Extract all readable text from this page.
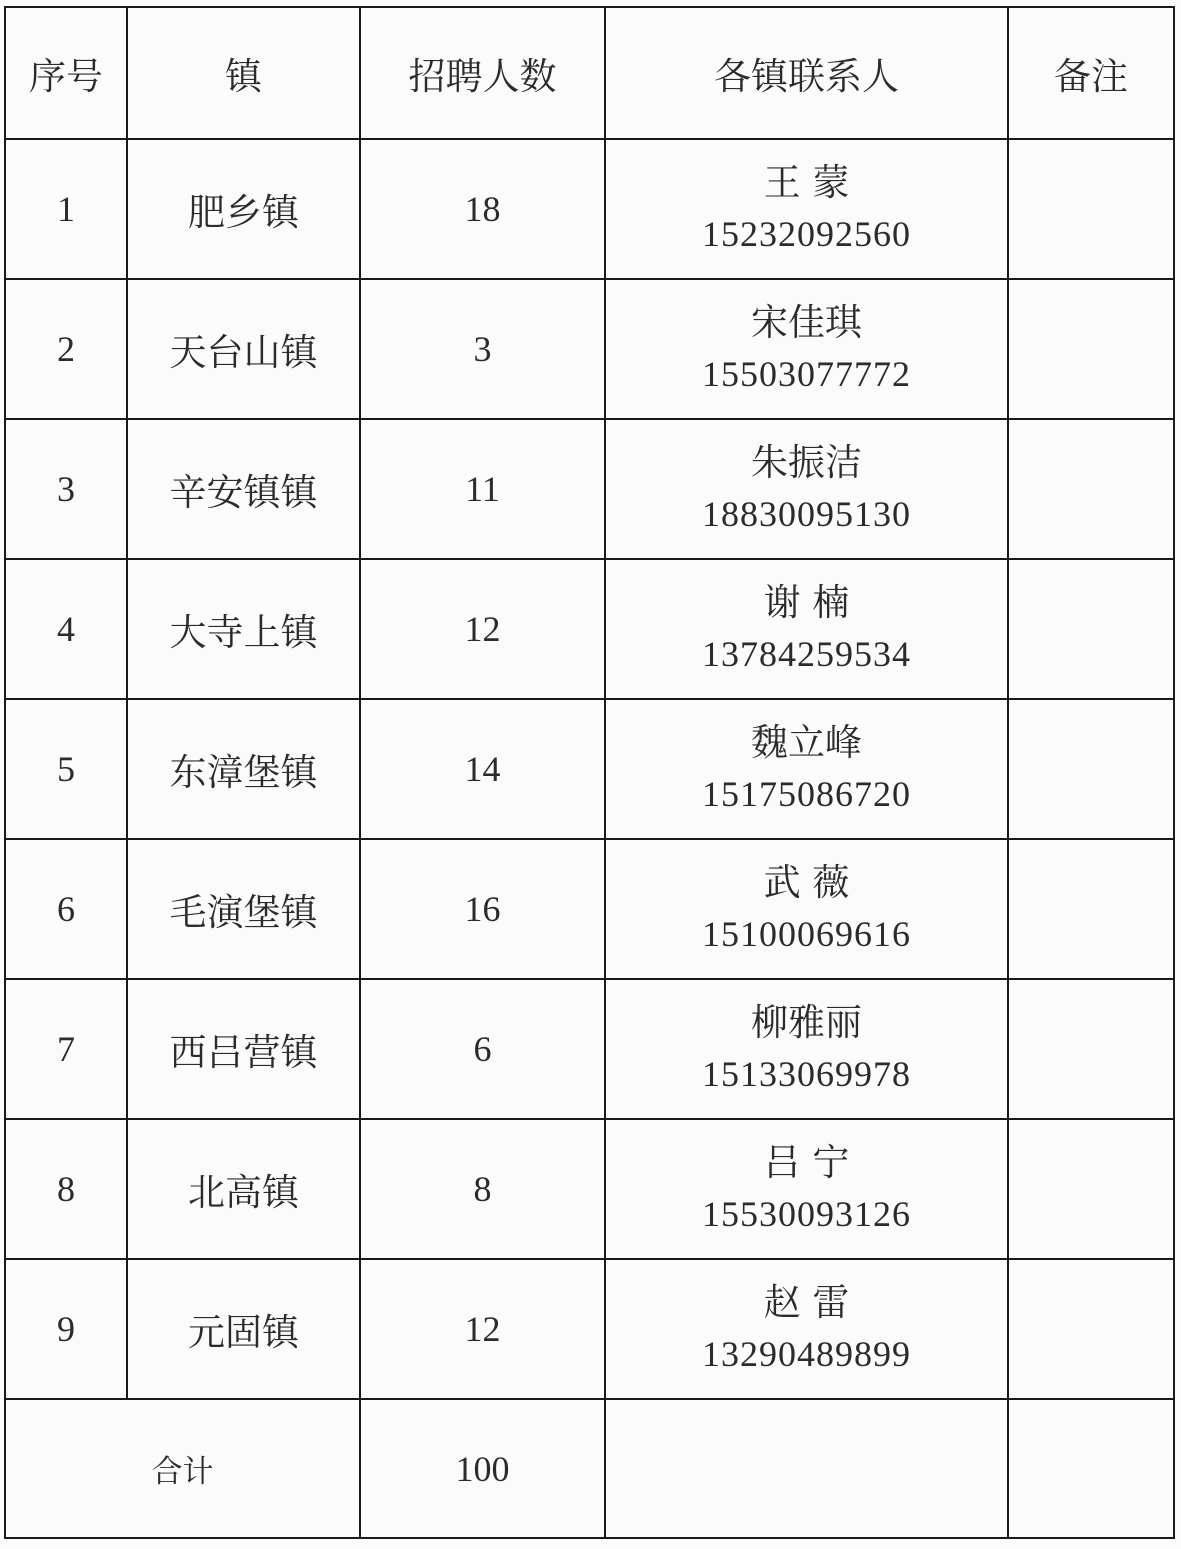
序号	镇	招聘人数	各镇联系人	备注
1	肥乡镇	18	王 蒙
15232092560	

2	天台山镇	3	宋佳琪
15503077772	

3	辛安镇镇	11	朱振洁
18830095130	

4	大寺上镇	12	谢 楠
13784259534	

5	东漳堡镇	14	魏立峰
15175086720	

6	毛演堡镇	16	武 薇
15100069616	

7	西吕营镇	6	柳雅丽
15133069978	

8	北高镇	8	吕 宁
15530093126	

9	元固镇	12	赵 雷
13290489899	

合计		100		
